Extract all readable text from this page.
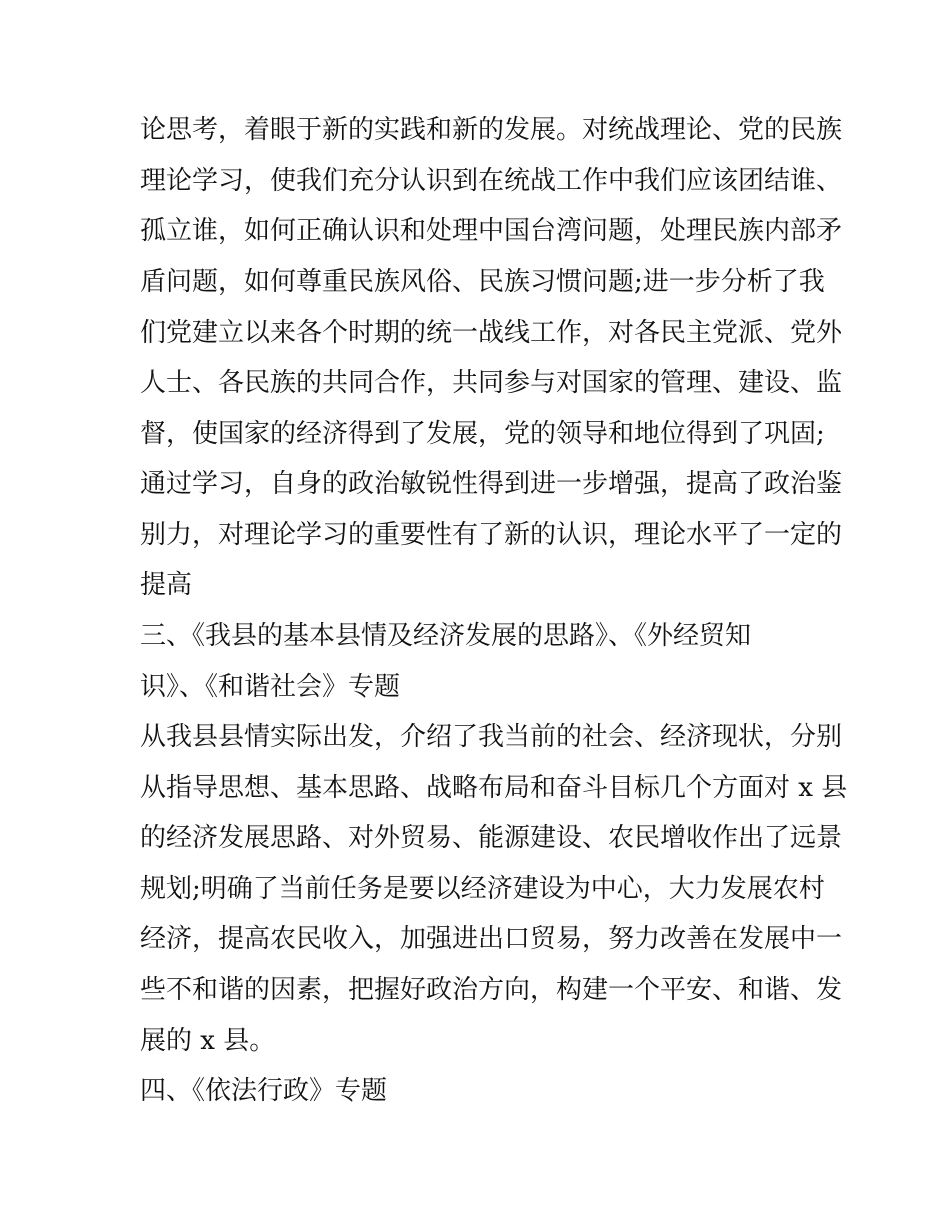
论思考，着眼于新的实践和新的发展。对统战理论、党的民族

理论学习，使我们充分认识到在统战工作中我们应该团结谁、

孤立谁，如何正确认识和处理中国台湾问题，处理民族内部矛

盾问题，如何尊重民族风俗、民族习惯问题;进一步分析了我

们党建立以来各个时期的统一战线工作，对各民主党派、党外

人士、各民族的共同合作，共同参与对国家的管理、建设、监

督，使国家的经济得到了发展，党的领导和地位得到了巩固;

通过学习，自身的政治敏锐性得到进一步增强，提高了政治鉴

别力，对理论学习的重要性有了新的认识，理论水平了一定的

提高

三、《我县的基本县情及经济发展的思路》、《外经贸知

识》、《和谐社会》专题

从我县县情实际出发，介绍了我当前的社会、经济现状，分别

从指导思想、基本思路、战略布局和奋斗目标几个方面对 x 县

的经济发展思路、对外贸易、能源建设、农民增收作出了远景

规划;明确了当前任务是要以经济建设为中心，大力发展农村

经济，提高农民收入，加强进出口贸易，努力改善在发展中一

些不和谐的因素，把握好政治方向，构建一个平安、和谐、发

展的 x 县。

四、《依法行政》专题
